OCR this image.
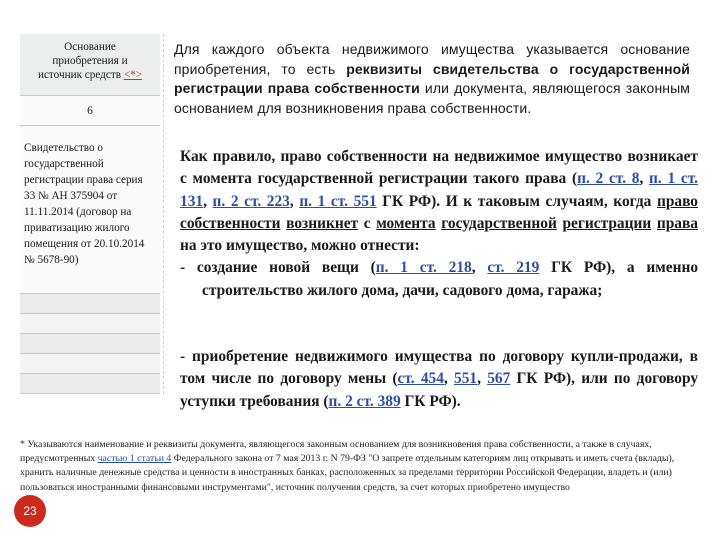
Основание
приобретения и
источник средств <*>
6
Свидетельство о государственной регистрации права серия 33 № АН 375904 от 11.11.2014 (договор на приватизацию жилого помещения от 20.10.2014 № 5678-90)
Для каждого объекта недвижимого имущества указывается основание приобретения, то есть реквизиты свидетельства о государственной регистрации права собственности или документа, являющегося законным основанием для возникновения права собственности.
Как правило, право собственности на недвижимое имущество возникает с момента государственной регистрации такого права (п. 2 ст. 8, п. 1 ст. 131, п. 2 ст. 223, п. 1 ст. 551 ГК РФ). И к таковым случаям, когда право собственности возникнет с момента государственной регистрации права на это имущество, можно отнести:
- создание новой вещи (п. 1 ст. 218, ст. 219 ГК РФ), а именно строительство жилого дома, дачи, садового дома, гаража;
- приобретение недвижимого имущества по договору купли-продажи, в том числе по договору мены (ст. 454, 551, 567 ГК РФ), или по договору уступки требования (п. 2 ст. 389 ГК РФ).
* Указываются наименование и реквизиты документа, являющегося законным основанием для возникновения права собственности, а также в случаях, предусмотренных частью 1 статьи 4 Федерального закона от 7 мая 2013 г. N 79-ФЗ "О запрете отдельным категориям лиц открывать и иметь счета (вклады), хранить наличные денежные средства и ценности в иностранных банках, расположенных за пределами территории Российской Федерации, владеть и (или) пользоваться иностранными финансовыми инструментами", источник получения средств, за счет которых приобретено имущество
23
